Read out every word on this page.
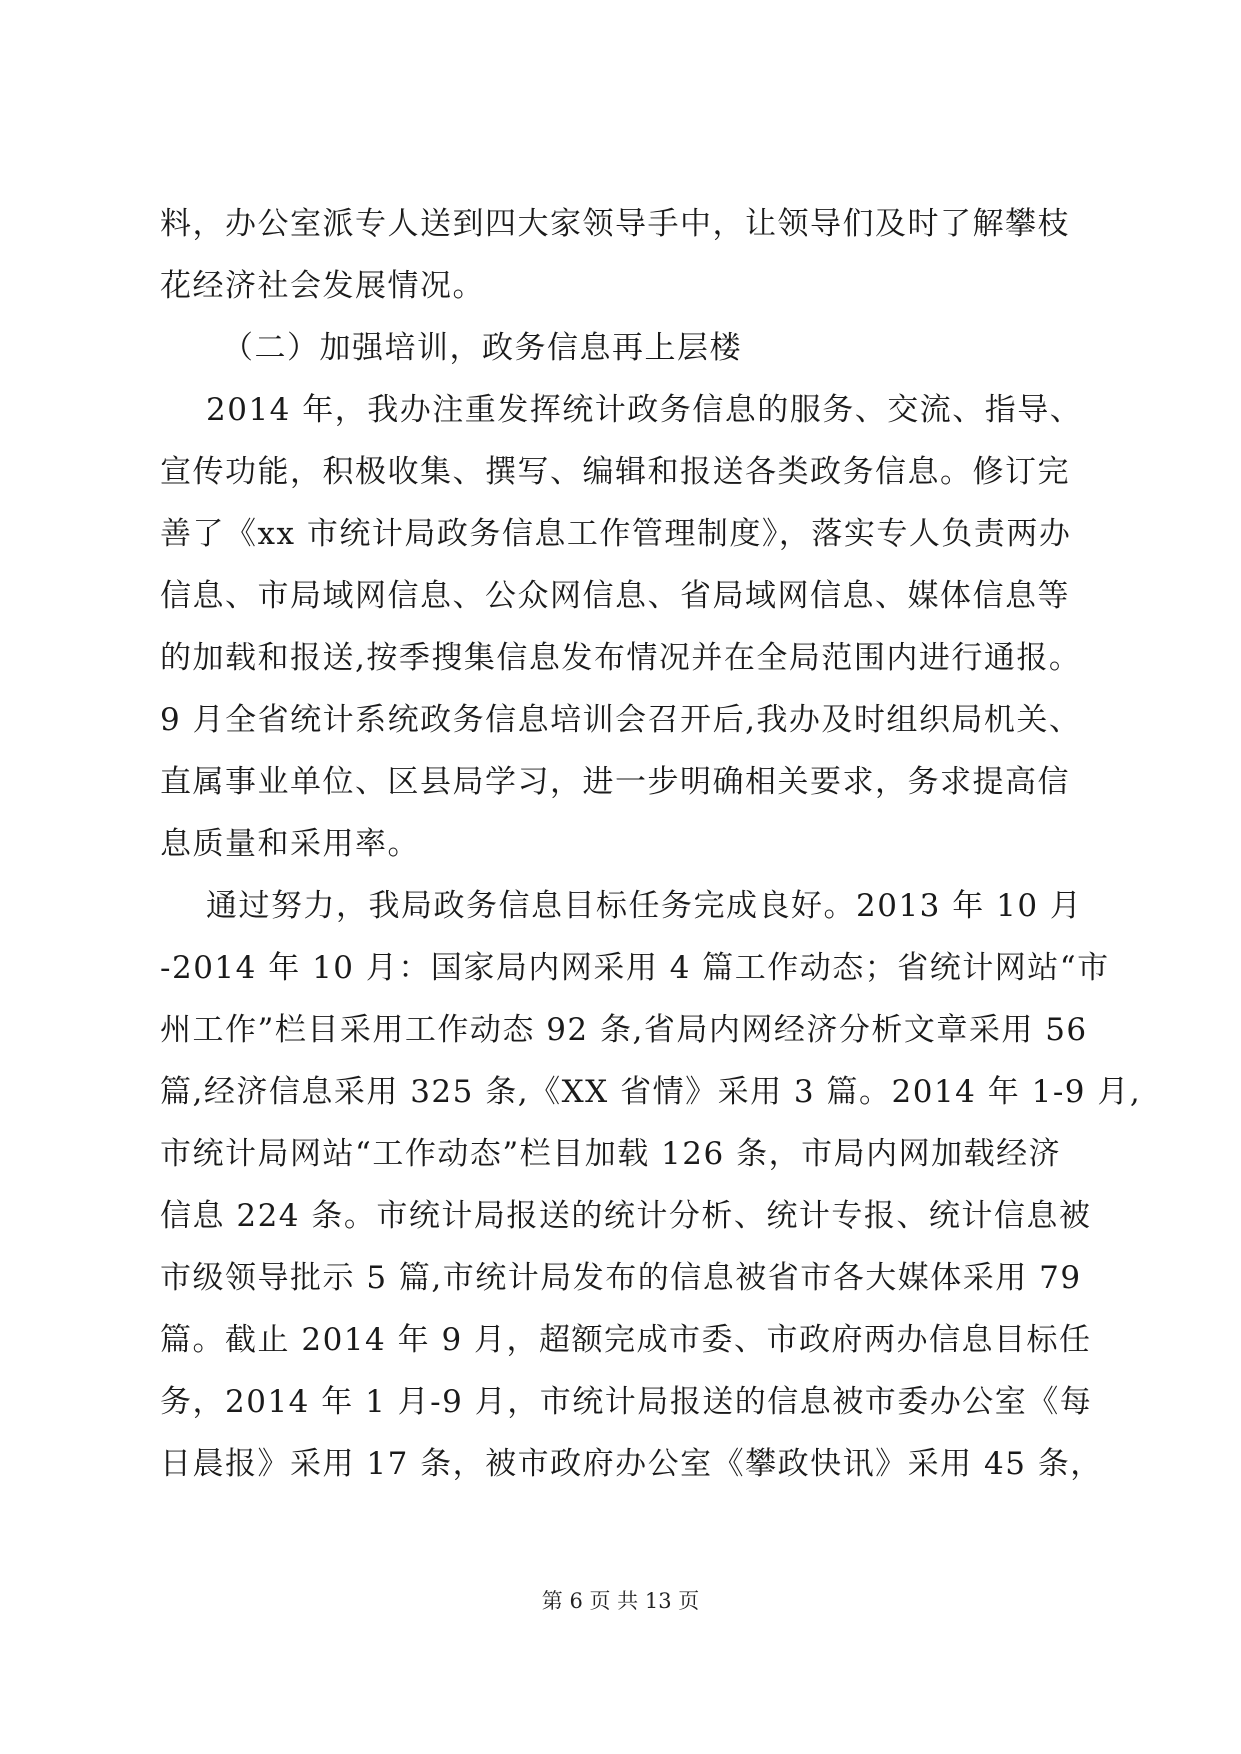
料，办公室派专人送到四大家领导手中，让领导们及时了解攀枝
花经济社会发展情况。
（二）加强培训，政务信息再上层楼
2014 年，我办注重发挥统计政务信息的服务、交流、指导、
宣传功能，积极收集、撰写、编辑和报送各类政务信息。修订完
善了《xx 市统计局政务信息工作管理制度》，落实专人负责两办
信息、市局域网信息、公众网信息、省局域网信息、媒体信息等
的加载和报送,按季搜集信息发布情况并在全局范围内进行通报。
9 月全省统计系统政务信息培训会召开后,我办及时组织局机关、
直属事业单位、区县局学习，进一步明确相关要求，务求提高信
息质量和采用率。
通过努力，我局政务信息目标任务完成良好。2013 年 10 月
-2014 年 10 月：国家局内网采用 4 篇工作动态；省统计网站“市
州工作”栏目采用工作动态 92 条,省局内网经济分析文章采用 56
篇,经济信息采用 325 条,《XX 省情》采用 3 篇。2014 年 1-9 月,
市统计局网站“工作动态”栏目加载 126 条，市局内网加载经济
信息 224 条。市统计局报送的统计分析、统计专报、统计信息被
市级领导批示 5 篇,市统计局发布的信息被省市各大媒体采用 79
篇。截止 2014 年 9 月，超额完成市委、市政府两办信息目标任
务，2014 年 1 月-9 月，市统计局报送的信息被市委办公室《每
日晨报》采用 17 条，被市政府办公室《攀政快讯》采用 45 条，
第 6 页 共 13 页
